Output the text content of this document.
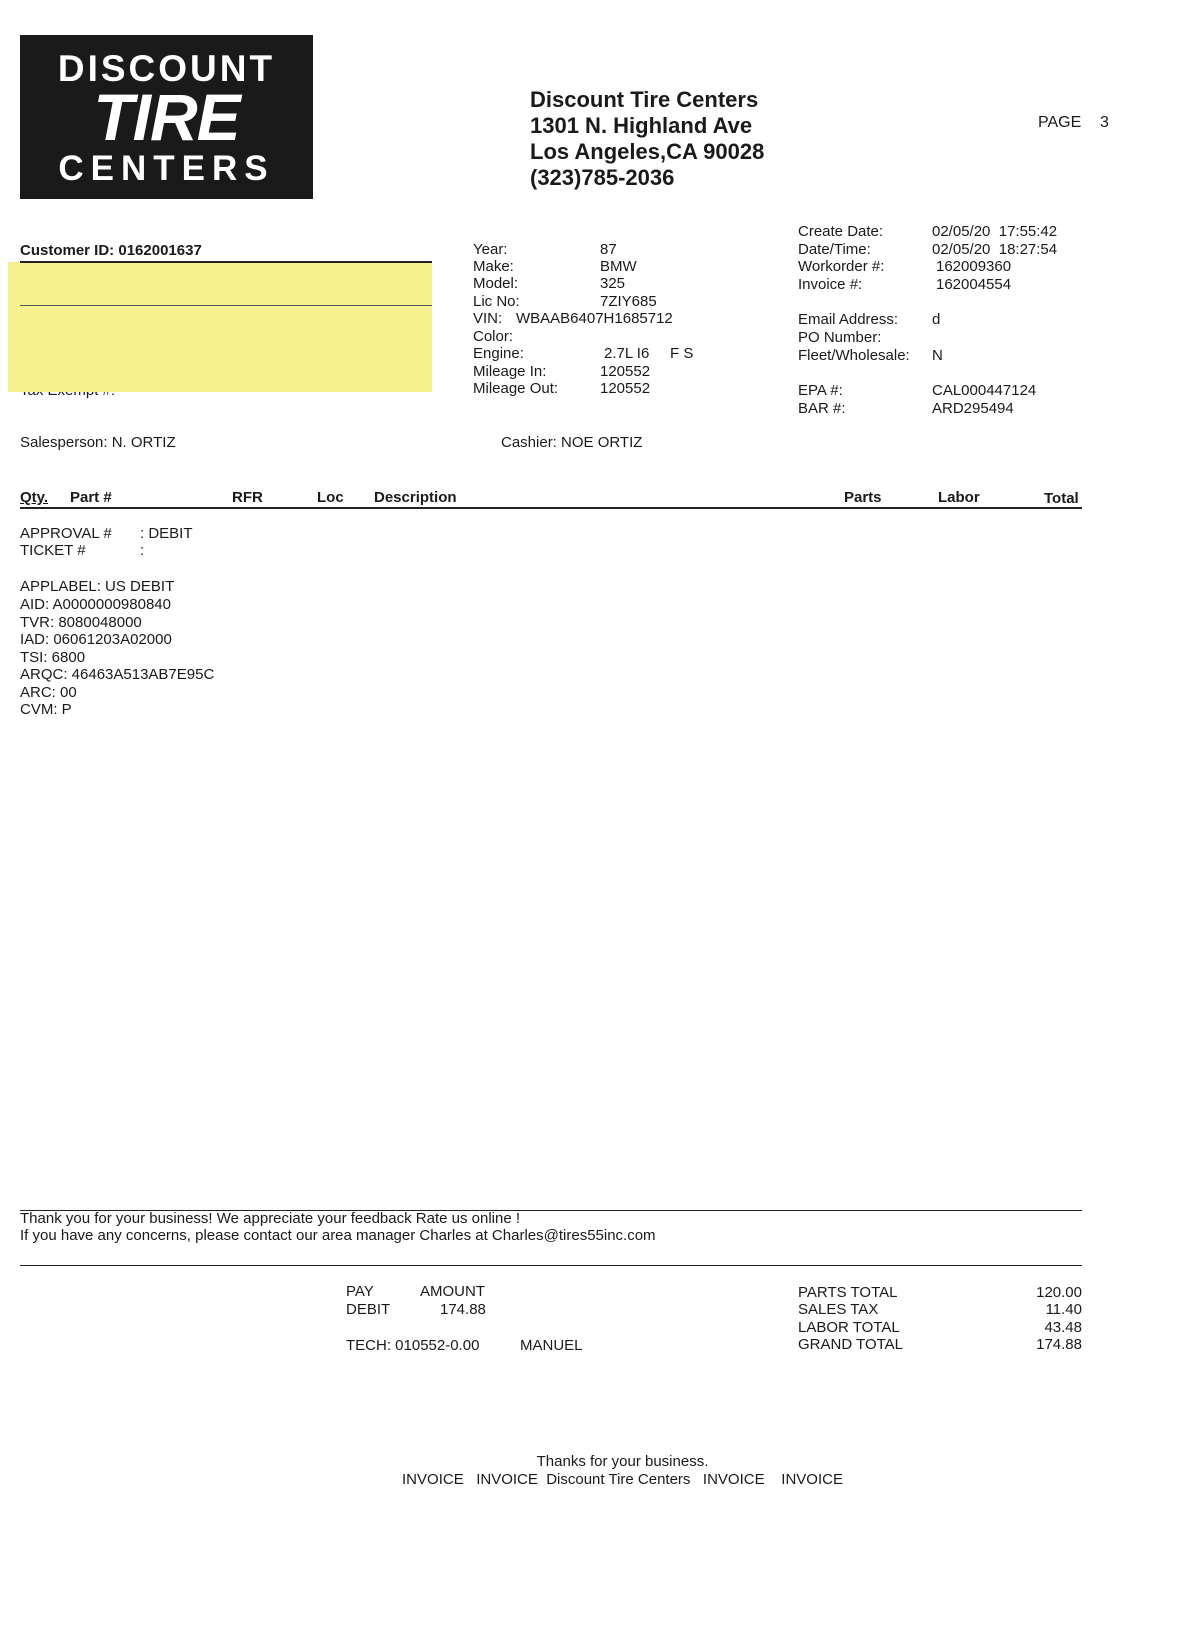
DISCOUNT
TIRE
CENTERS
Discount Tire Centers
1301 N. Highland Ave
Los Angeles,CA 90028
(323)785-2036
PAGE 3
Customer ID: 0162001637	Year:	87
Make:	BMW
Model:	325
Lic No:	7ZIY685
VIN: WBAAB6407H1685712
Color:
Engine:	2.7L I6 F S
Mileage In:	120552
Mileage Out:	120552
Create Date:	02/05/20  17:55:42
Date/Time:	02/05/20  18:27:54
Workorder #:	162009360
Invoice #:	162004554
Email Address: d
PO Number:
Fleet/Wholesale: N
EPA #:	CAL000447124
BAR #:	ARD295494
Salesperson: N. ORTIZ	Cashier: NOE ORTIZ
Qty. Part #	RFR	Loc Description	Parts	Labor	Total
APPROVAL # : DEBIT
TICKET #	:
APPLABEL: US DEBIT
AID: A0000000980840
TVR: 8080048000
IAD: 06061203A02000
TSI: 6800
ARQC: 46463A513AB7E95C
ARC: 00
CVM: P
Thank you for your business! We appreciate your feedback Rate us online !
If you have any concerns, please contact our area manager Charles at Charles@tires55inc.com
PAY	AMOUNT
DEBIT	174.88
TECH: 010552-0.00	MANUEL
PARTS TOTAL	120.00
SALES TAX	11.40
LABOR TOTAL	43.48
GRAND TOTAL	174.88
Thanks for your business.
INVOICE   INVOICE  Discount Tire Centers   INVOICE    INVOICE
